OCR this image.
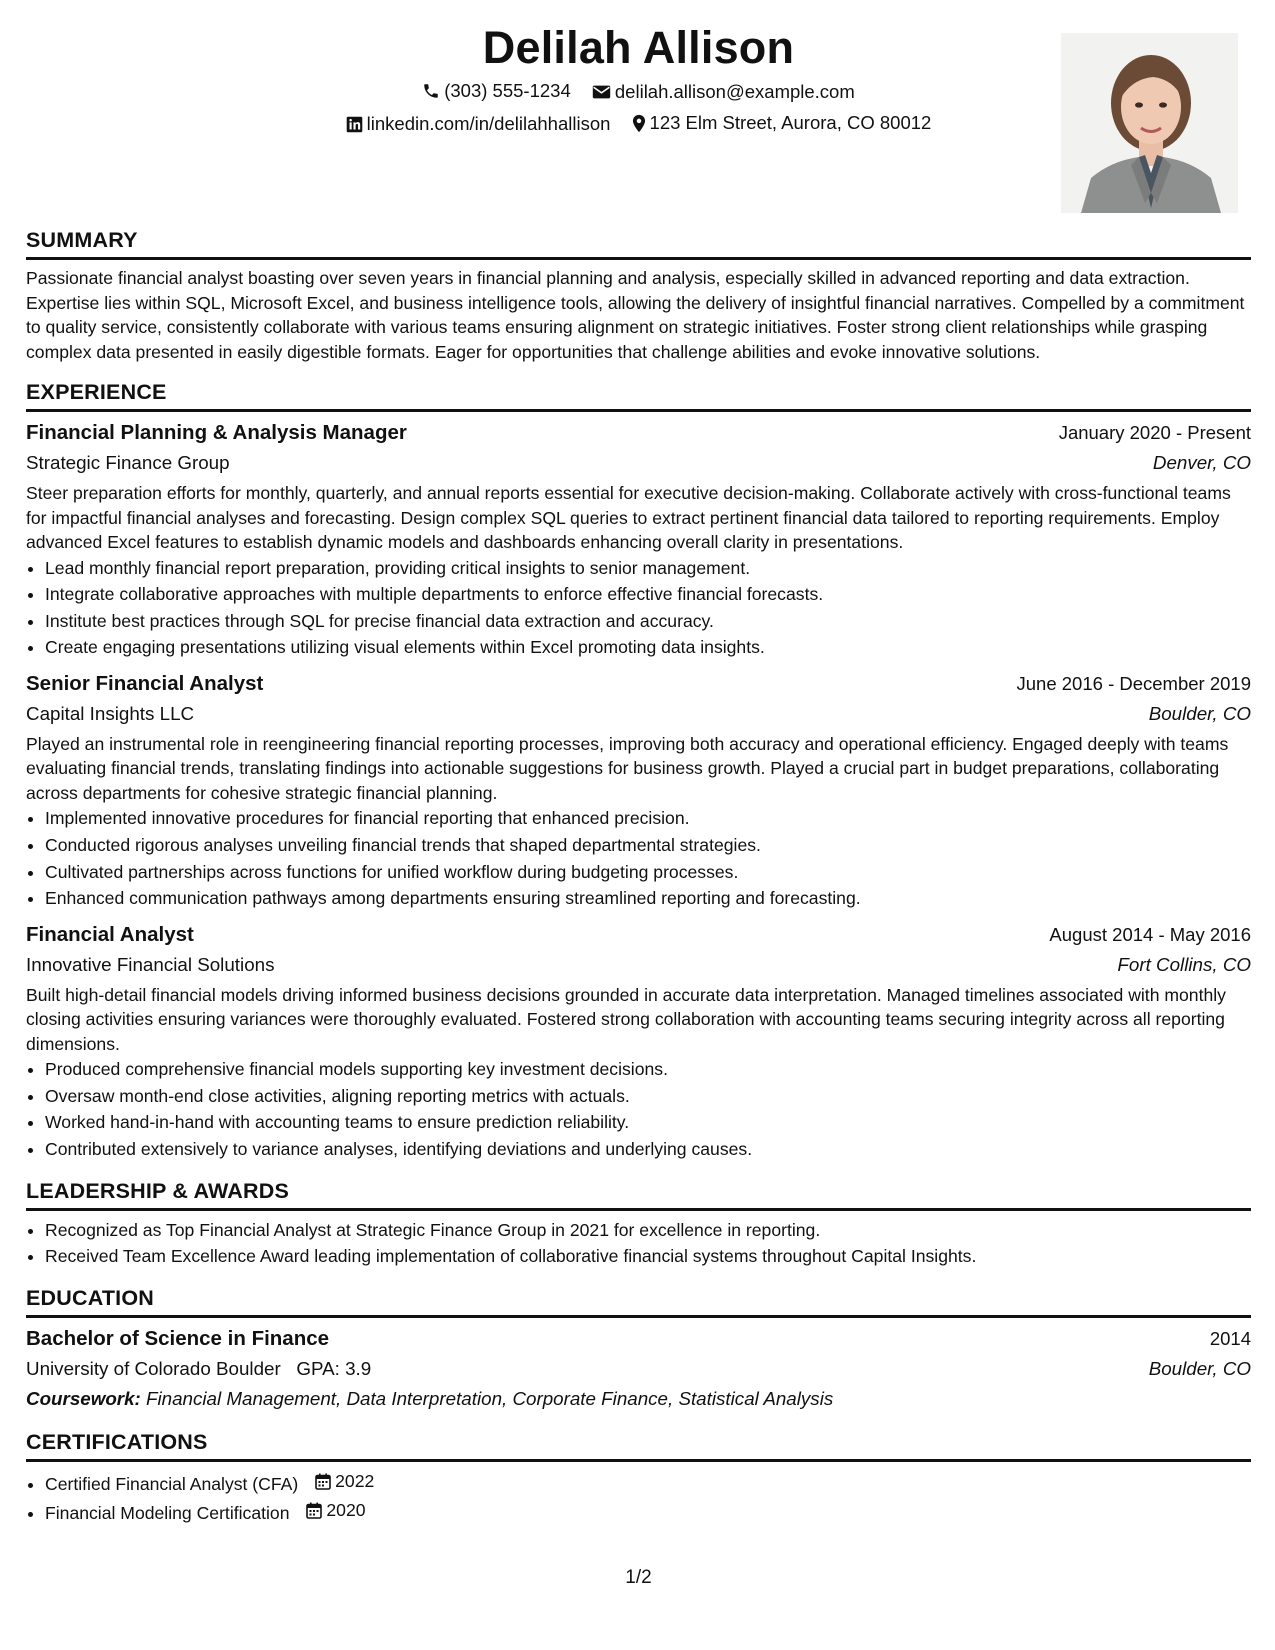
Delilah Allison
(303) 555-1234
delilah.allison@example.com
linkedin.com/in/delilahhallison
123 Elm Street, Aurora, CO 80012
SUMMARY

Passionate financial analyst boasting over seven years in financial planning and analysis, especially skilled in advanced reporting and data extraction. Expertise lies within SQL, Microsoft Excel, and business intelligence tools, allowing the delivery of insightful financial narratives. Compelled by a commitment to quality service, consistently collaborate with various teams ensuring alignment on strategic initiatives. Foster strong client relationships while grasping complex data presented in easily digestible formats. Eager for opportunities that challenge abilities and evoke innovative solutions.

EXPERIENCE
Financial Planning & Analysis Manager	January 2020 - Present
Strategic Finance Group	Denver, CO

Steer preparation efforts for monthly, quarterly, and annual reports essential for executive decision-making. Collaborate actively with cross-functional teams for impactful financial analyses and forecasting. Design complex SQL queries to extract pertinent financial data tailored to reporting requirements. Employ advanced Excel features to establish dynamic models and dashboards enhancing overall clarity in presentations.

• Lead monthly financial report preparation, providing critical insights to senior management.
• Integrate collaborative approaches with multiple departments to enforce effective financial forecasts.
• Institute best practices through SQL for precise financial data extraction and accuracy.
• Create engaging presentations utilizing visual elements within Excel promoting data insights.
Senior Financial Analyst	June 2016 - December 2019
Capital Insights LLC	Boulder, CO

Played an instrumental role in reengineering financial reporting processes, improving both accuracy and operational efficiency. Engaged deeply with teams evaluating financial trends, translating findings into actionable suggestions for business growth. Played a crucial part in budget preparations, collaborating across departments for cohesive strategic financial planning.

• Implemented innovative procedures for financial reporting that enhanced precision.
• Conducted rigorous analyses unveiling financial trends that shaped departmental strategies.
• Cultivated partnerships across functions for unified workflow during budgeting processes.
• Enhanced communication pathways among departments ensuring streamlined reporting and forecasting.
Financial Analyst	August 2014 - May 2016
Innovative Financial Solutions	Fort Collins, CO

Built high-detail financial models driving informed business decisions grounded in accurate data interpretation. Managed timelines associated with monthly closing activities ensuring variances were thoroughly evaluated. Fostered strong collaboration with accounting teams securing integrity across all reporting dimensions.

• Produced comprehensive financial models supporting key investment decisions.
• Oversaw month-end close activities, aligning reporting metrics with actuals.
• Worked hand-in-hand with accounting teams to ensure prediction reliability.
• Contributed extensively to variance analyses, identifying deviations and underlying causes.
LEADERSHIP & AWARDS
• Recognized as Top Financial Analyst at Strategic Finance Group in 2021 for excellence in reporting.
• Received Team Excellence Award leading implementation of collaborative financial systems throughout Capital Insights.
EDUCATION
Bachelor of Science in Finance	2014
University of Colorado Boulder GPA: 3.9	Boulder, CO
Coursework: Financial Management, Data Interpretation, Corporate Finance, Statistical Analysis
CERTIFICATIONS
• Certified Financial Analyst (CFA) 2022
• Financial Modeling Certification 2020
1/2
